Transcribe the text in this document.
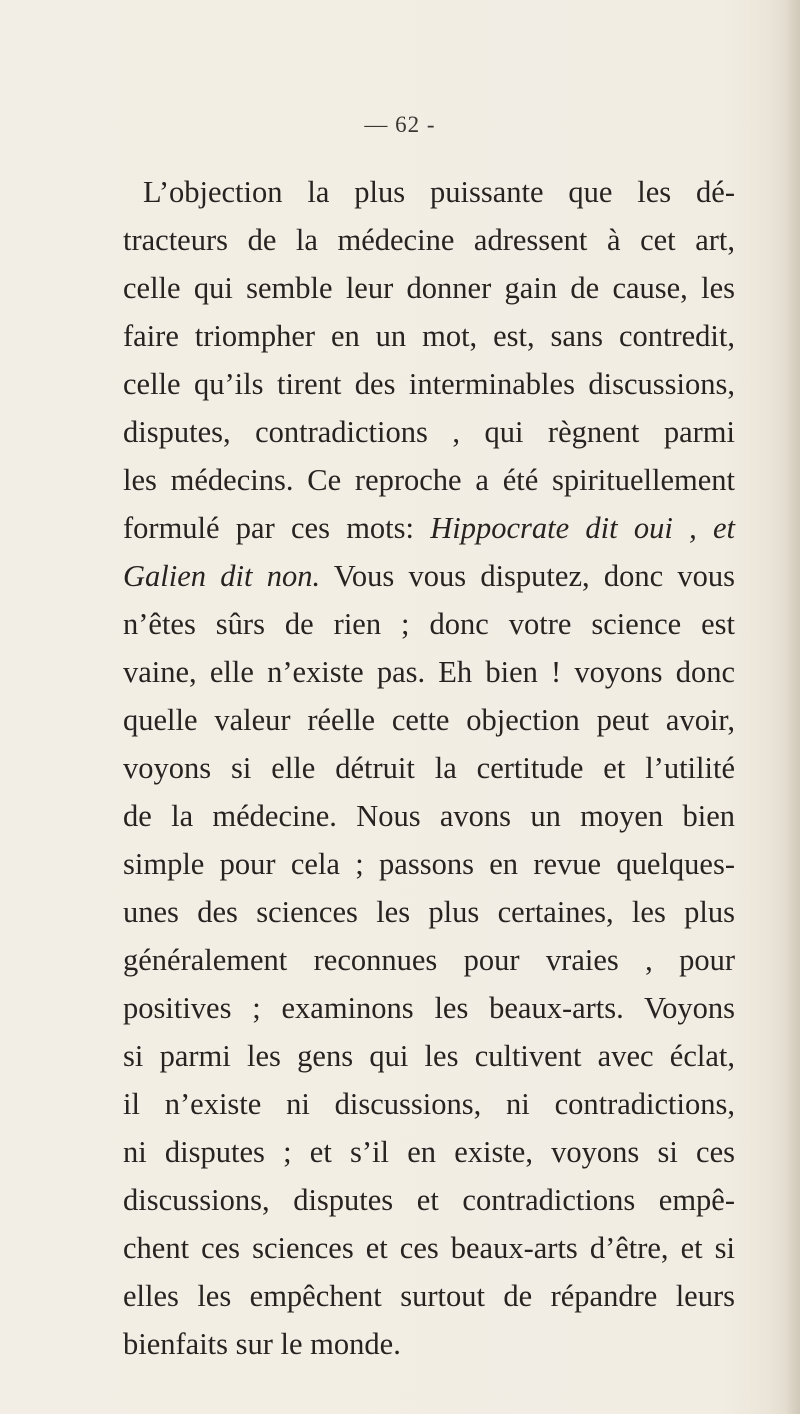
— 62 -
L’objection la plus puissante que les dé-
tracteurs de la médecine adressent à cet art,
celle qui semble leur donner gain de cause, les
faire triompher en un mot, est, sans contredit,
celle qu’ils tirent des interminables discussions,
disputes, contradictions , qui règnent parmi
les médecins. Ce reproche a été spirituellement
formulé par ces mots: Hippocrate dit oui , et
Galien dit non. Vous vous disputez, donc vous
n’êtes sûrs de rien ; donc votre science est
vaine, elle n’existe pas. Eh bien ! voyons donc
quelle valeur réelle cette objection peut avoir,
voyons si elle détruit la certitude et l’utilité
de la médecine. Nous avons un moyen bien
simple pour cela ; passons en revue quelques-
unes des sciences les plus certaines, les plus
généralement reconnues pour vraies , pour
positives ; examinons les beaux-arts. Voyons
si parmi les gens qui les cultivent avec éclat,
il n’existe ni discussions, ni contradictions,
ni disputes ; et s’il en existe, voyons si ces
discussions, disputes et contradictions empê-
chent ces sciences et ces beaux-arts d’être, et si
elles les empêchent surtout de répandre leurs
bienfaits sur le monde.
